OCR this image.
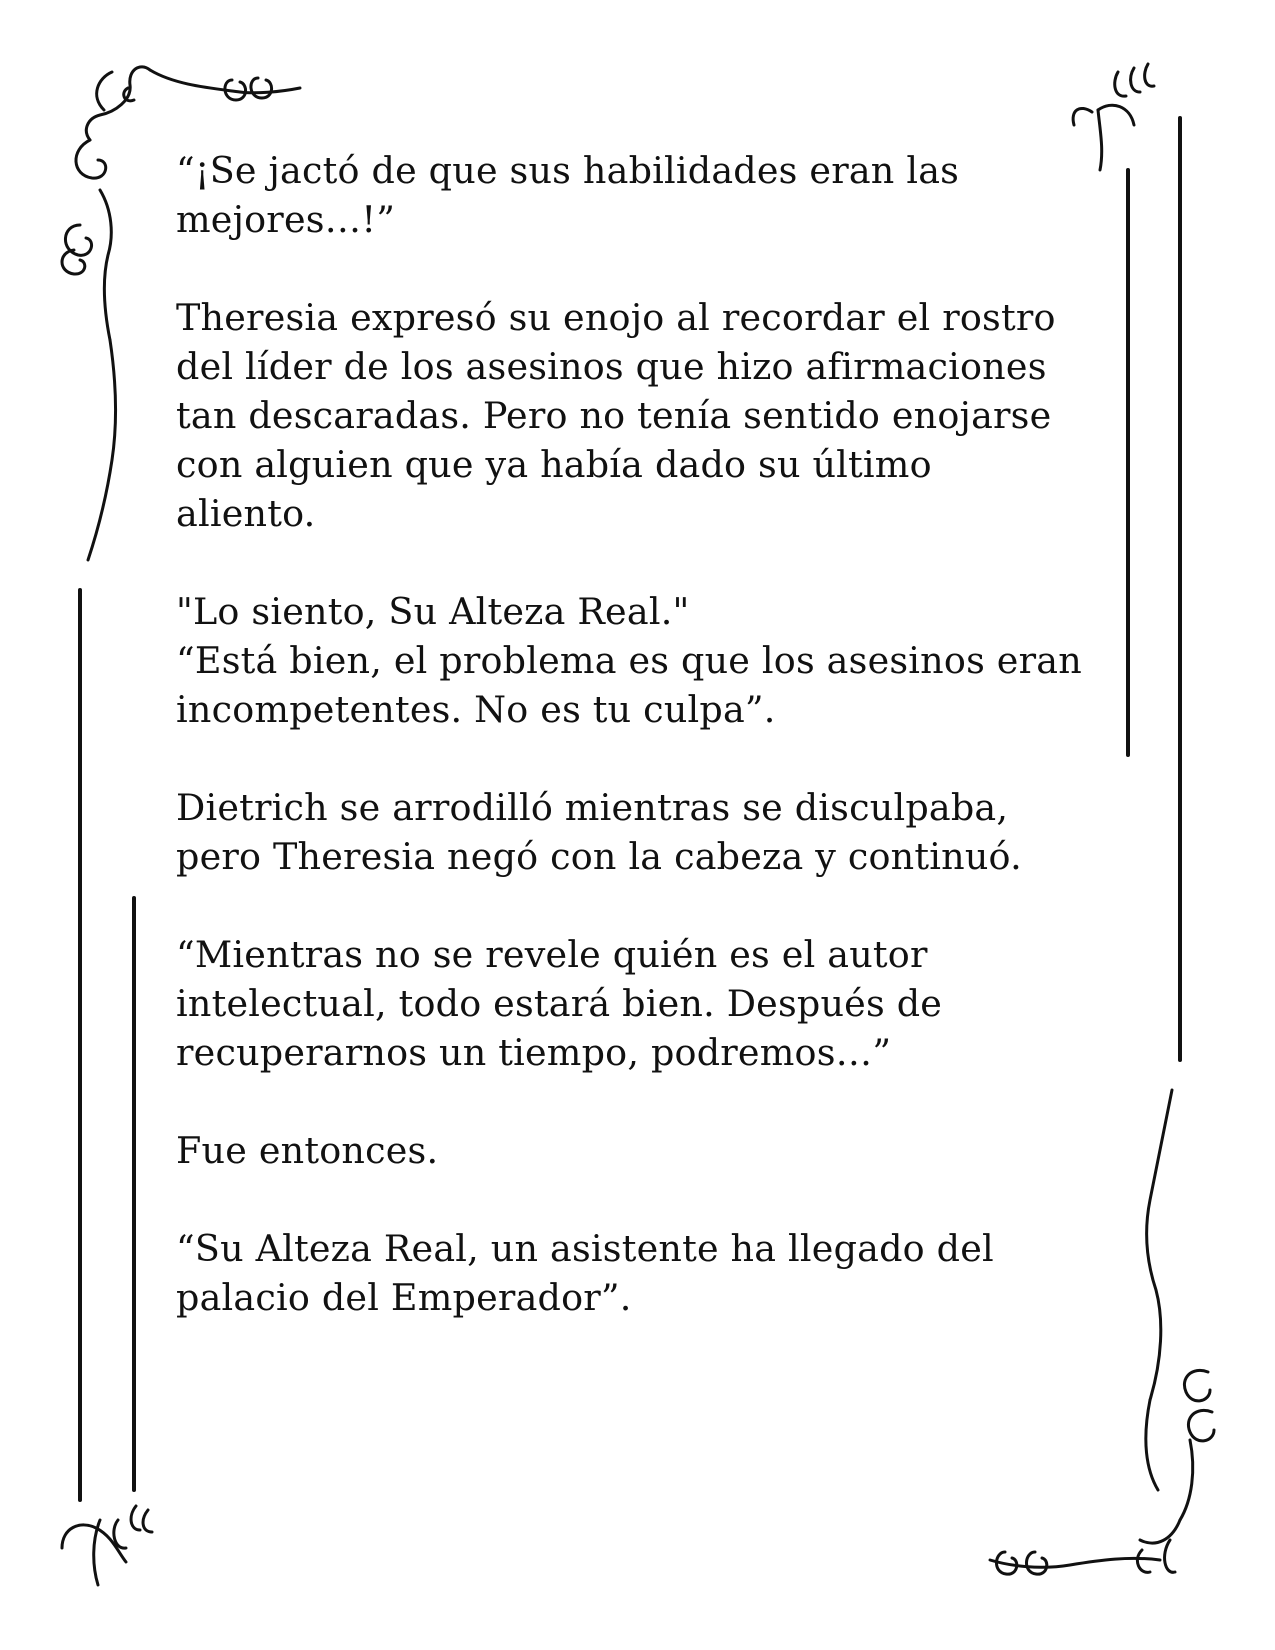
“¡Se jactó de que sus habilidades eran las
mejores…!”

Theresia expresó su enojo al recordar el rostro
del líder de los asesinos que hizo afirmaciones
tan descaradas. Pero no tenía sentido enojarse
con alguien que ya había dado su último
aliento.

"Lo siento, Su Alteza Real."
“Está bien, el problema es que los asesinos eran
incompetentes. No es tu culpa”.

Dietrich se arrodilló mientras se disculpaba,
pero Theresia negó con la cabeza y continuó.

“Mientras no se revele quién es el autor
intelectual, todo estará bien. Después de
recuperarnos un tiempo, podremos…”

Fue entonces.

“Su Alteza Real, un asistente ha llegado del
palacio del Emperador”.
